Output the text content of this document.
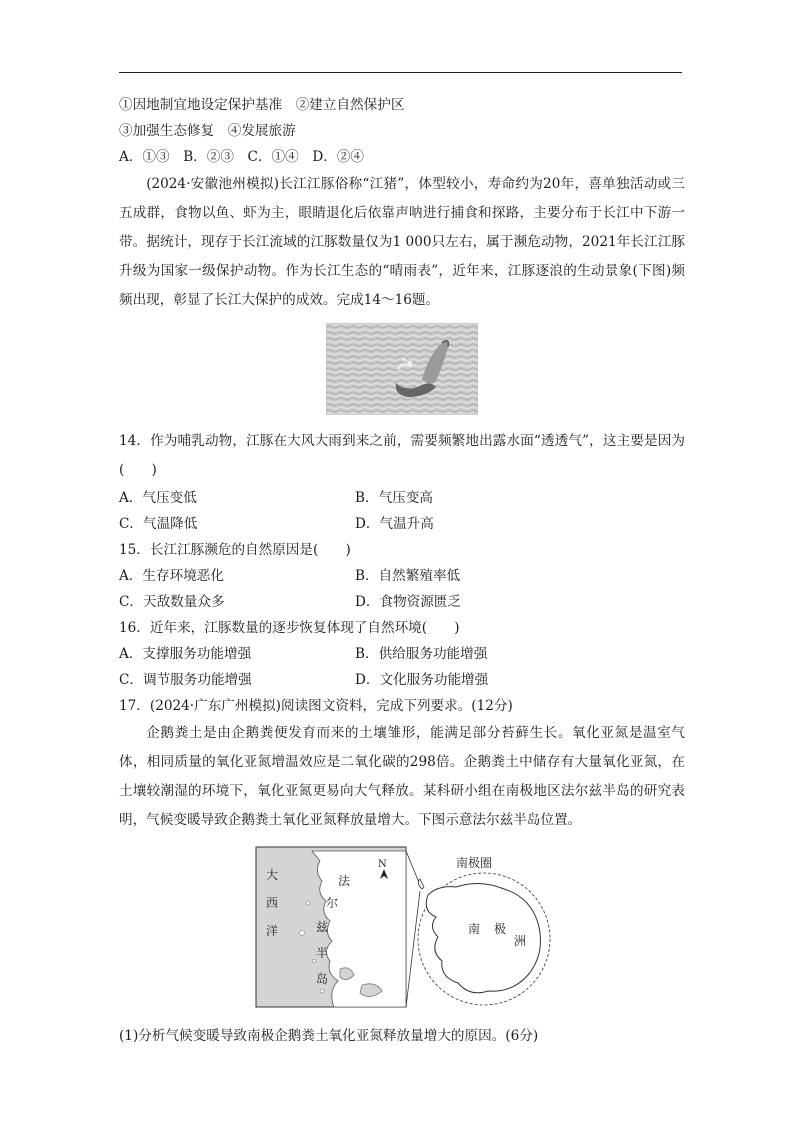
①因地制宜地设定保护基准　②建立自然保护区
③加强生态修复　④发展旅游
A．①③　B．②③　C．①④　D．②④

(2024·安徽池州模拟)长江江豚俗称“江猪”，体型较小，寿命约为20年，喜单独活动或三五成群，食物以鱼、虾为主，眼睛退化后依靠声呐进行捕食和探路，主要分布于长江中下游一带。据统计，现存于长江流域的江豚数量仅为1 000只左右，属于濒危动物，2021年长江江豚升级为国家一级保护动物。作为长江生态的“晴雨表”，近年来，江豚逐浪的生动景象(下图)频频出现，彰显了长江大保护的成效。完成14～16题。

14．作为哺乳动物，江豚在大风大雨到来之前，需要频繁地出露水面“透透气”，这主要是因为(　　)
A．气压变低	B．气压变高
C．气温降低	D．气温升高
15．长江江豚濒危的自然原因是(　　)
A．生存环境恶化	B．自然繁殖率低
C．天敌数量众多	D．食物资源匮乏
16．近年来，江豚数量的逐步恢复体现了自然环境(　　)
A．支撑服务功能增强	B．供给服务功能增强
C．调节服务功能增强	D．文化服务功能增强
17．(2024·广东广州模拟)阅读图文资料，完成下列要求。(12分)

企鹅粪土是由企鹅粪便发育而来的土壤雏形，能满足部分苔藓生长。氧化亚氮是温室气体，相同质量的氧化亚氮增温效应是二氧化碳的298倍。企鹅粪土中储存有大量氧化亚氮，在土壤较潮湿的环境下，氧化亚氮更易向大气释放。某科研小组在南极地区法尔兹半岛的研究表明，气候变暖导致企鹅粪土氧化亚氮释放量增大。下图示意法尔兹半岛位置。

大
西
洋
法
尔
兹
半
岛
N	南极圈
南 极
洲
(1)分析气候变暖导致南极企鹅粪土氧化亚氮释放量增大的原因。(6分)
